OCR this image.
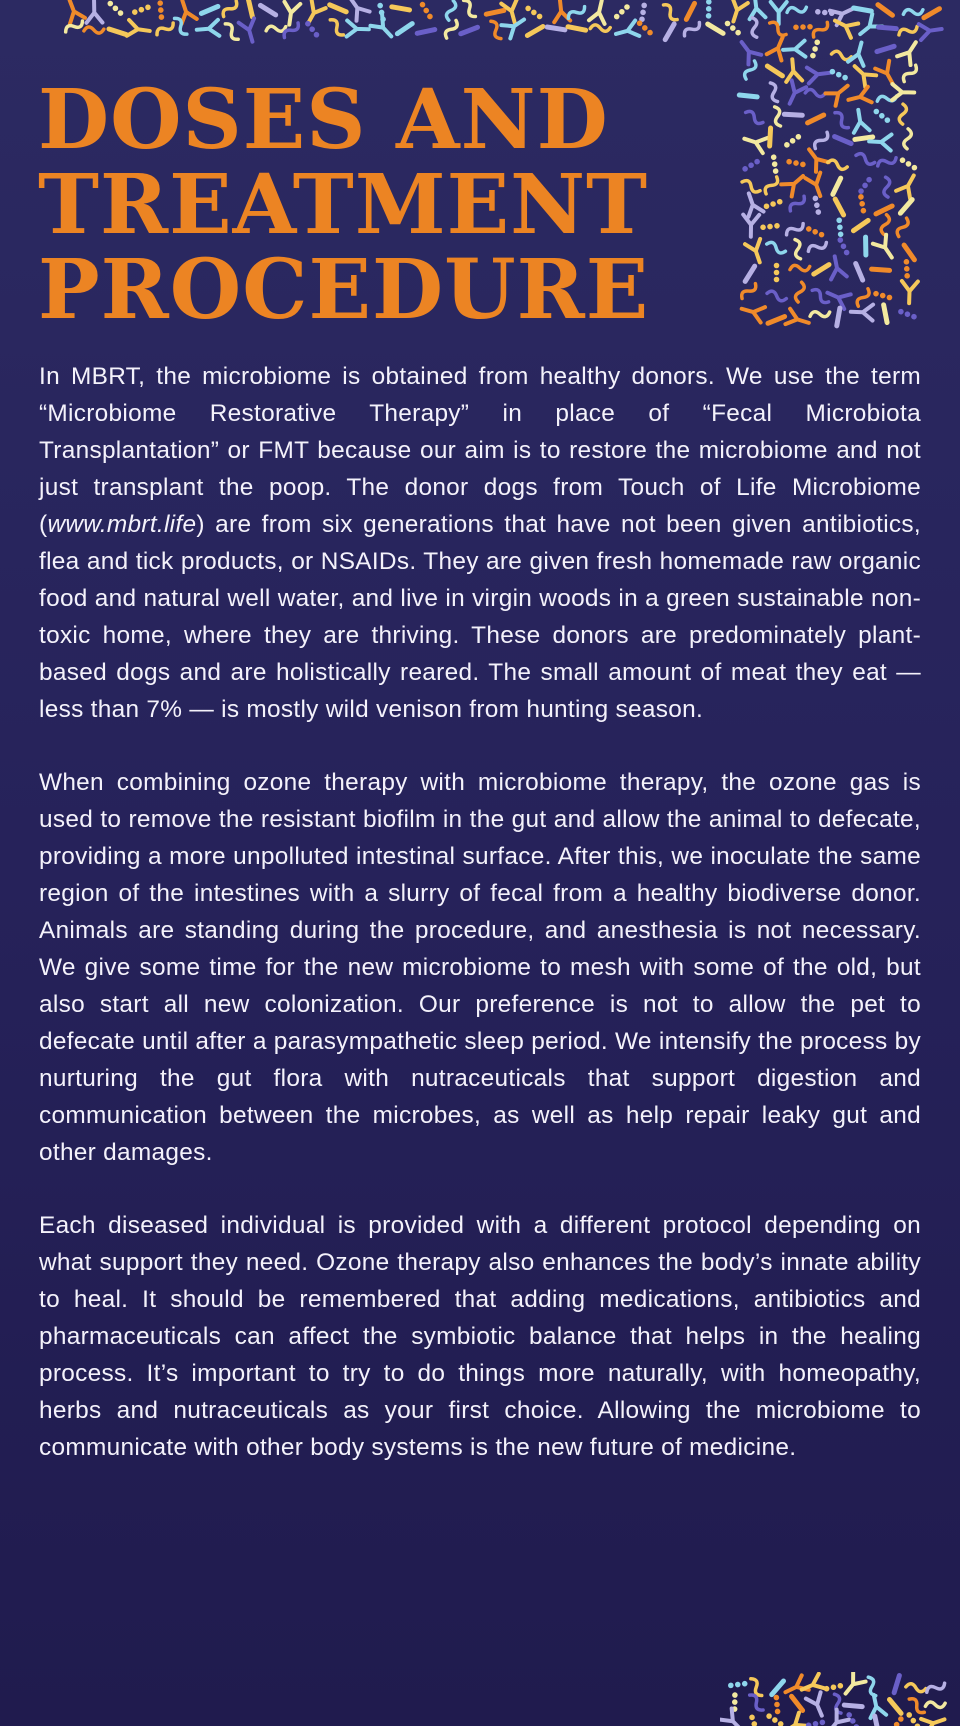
DOSES AND
TREATMENT
PROCEDURE

In MBRT, the microbiome is obtained from healthy donors. We use the term “Microbiome Restorative Therapy” in place of “Fecal Microbiota Transplantation” or FMT because our aim is to restore the microbiome and not just transplant the poop. The donor dogs from Touch of Life Microbiome (www.mbrt.life) are from six generations that have not been given antibiotics, flea and tick products, or NSAIDs. They are given fresh homemade raw organic food and natural well water, and live in virgin woods in a green sustainable non-toxic home, where they are thriving. These donors are predominately plant-based dogs and are holistically reared. The small amount of meat they eat — less than 7% — is mostly wild venison from hunting season.

When combining ozone therapy with microbiome therapy, the ozone gas is used to remove the resistant biofilm in the gut and allow the animal to defecate, providing a more unpolluted intestinal surface. After this, we inoculate the same region of the intestines with a slurry of fecal from a healthy biodiverse donor. Animals are standing during the procedure, and anesthesia is not necessary. We give some time for the new microbiome to mesh with some of the old, but also start all new colonization. Our preference is not to allow the pet to defecate until after a parasympathetic sleep period. We intensify the process by nurturing the gut flora with nutraceuticals that support digestion and communication between the microbes, as well as help repair leaky gut and other damages.

Each diseased individual is provided with a different protocol depending on what support they need. Ozone therapy also enhances the body’s innate ability to heal. It should be remembered that adding medications, antibiotics and pharmaceuticals can affect the symbiotic balance that helps in the healing process. It’s important to try to do things more naturally, with homeopathy, herbs and nutraceuticals as your first choice. Allowing the microbiome to communicate with other body systems is the new future of medicine.
